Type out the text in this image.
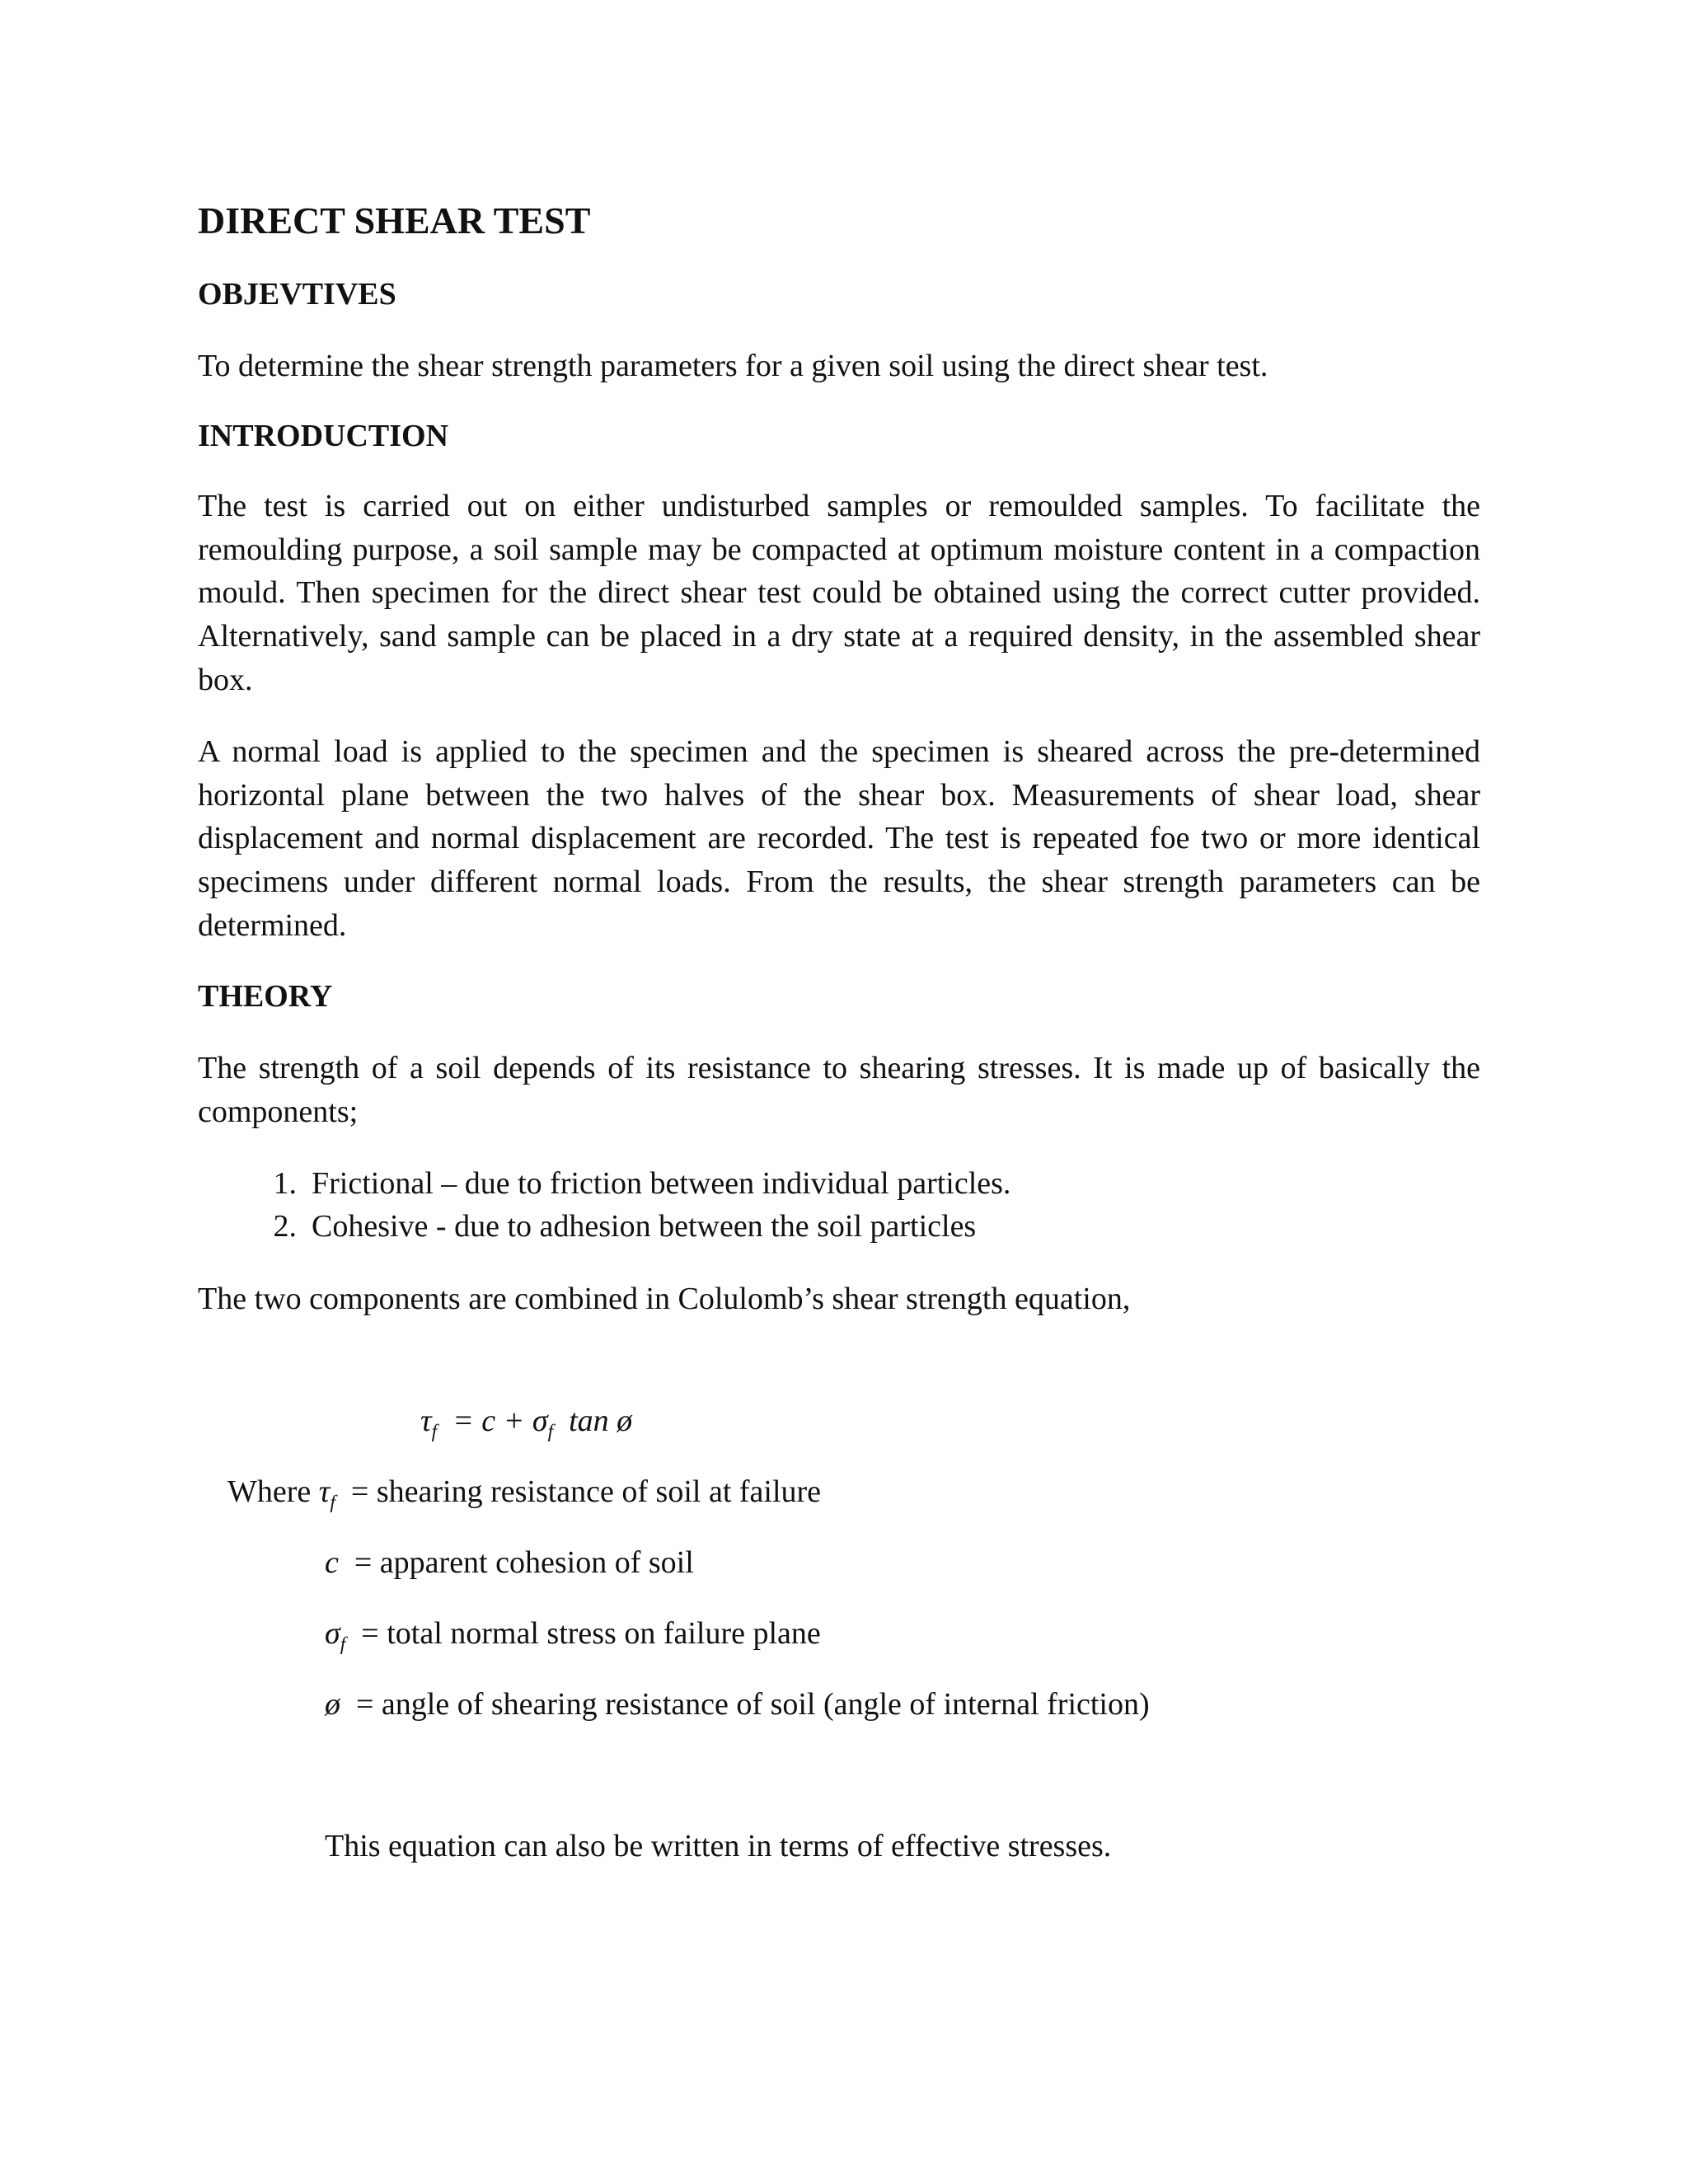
DIRECT SHEAR TEST
OBJEVTIVES
To determine the shear strength parameters for a given soil using the direct shear test.
INTRODUCTION

The test is carried out on either undisturbed samples or remoulded samples. To facilitate the remoulding purpose, a soil sample may be compacted at optimum moisture content in a compaction mould. Then specimen for the direct shear test could be obtained using the correct cutter provided. Alternatively, sand sample can be placed in a dry state at a required density, in the assembled shear box.

A normal load is applied to the specimen and the specimen is sheared across the pre-determined horizontal plane between the two halves of the shear box. Measurements of shear load, shear displacement and normal displacement are recorded. The test is repeated foe two or more identical specimens under different normal loads. From the results, the shear strength parameters can be determined.

THEORY

The strength of a soil depends of its resistance to shearing stresses. It is made up of basically the components;

1. Frictional – due to friction between individual particles.
2. Cohesive - due to adhesion between the soil particles
The two components are combined in Colulomb’s shear strength equation,
$\tau_f = c + \sigma_f$ tan ø
Where $\tau_f$ = shearing resistance of soil at failure
c = apparent cohesion of soil
$\sigma_f$ = total normal stress on failure plane
ø = angle of shearing resistance of soil (angle of internal friction)
This equation can also be written in terms of effective stresses.
